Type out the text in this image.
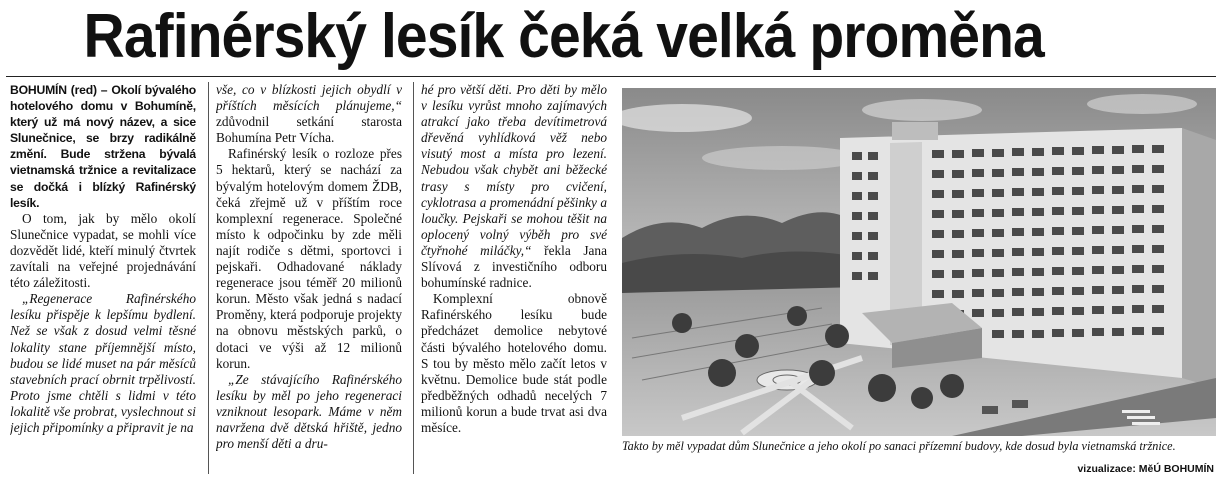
Rafinérský lesík čeká velká proměna
BOHUMÍN (red) – Okolí bývalého hotelového domu v Bohumíně, který už má nový název, a sice Slunečnice, se brzy radikálně změní. Bude stržena bývalá vietnamská tržnice a revitalizace se dočká i blízký Rafinérský lesík.

O tom, jak by mělo okolí Slunečnice vypadat, se mohli více dozvědět lidé, kteří minulý čtvrtek zavítali na veřejné projednávání této záležitosti.

„Regenerace Rafinérského lesíku přispěje k lepšímu bydlení. Než se však z dosud velmi těsné lokality stane příjemnější místo, budou se lidé muset na pár měsíců stavebních prací obrnit trpělivostí. Proto jsme chtěli s lidmi v této lokalitě vše probrat, vyslechnout si jejich připomínky a připravit je na

vše, co v blízkosti jejich obydlí v příštích měsících plánujeme,“ zdůvodnil setkání starosta Bohumína Petr Vícha.

Rafinérský lesík o rozloze přes 5 hektarů, který se nachází za bývalým hotelovým domem ŽDB, čeká zřejmě už v příštím roce komplexní regenerace. Společné místo k odpočinku by zde měli najít rodiče s dětmi, sportovci i pejskaři. Odhadované náklady regenerace jsou téměř 20 milionů korun. Město však jedná s nadací Proměny, která podporuje projekty na obnovu městských parků, o dotaci ve výši až 12 milionů korun.

„Ze stávajícího Rafinérského lesíku by měl po jeho regeneraci vzniknout lesopark. Máme v něm navržena dvě dětská hřiště, jedno pro menší děti a dru-

hé pro větší děti. Pro děti by mělo v lesíku vyrůst mnoho zajímavých atrakcí jako třeba devítimetrová dřevěná vyhlídková věž nebo visutý most a místa pro lezení. Nebudou však chybět ani běžecké trasy s místy pro cvičení, cyklotrasa a promenádní pěšinky a loučky. Pejskaři se mohou těšit na oplocený volný výběh pro své čtyřnohé miláčky,“ řekla Jana Slívová z investičního odboru bohumínské radnice.

Komplexní obnově Rafinérského lesíku bude předcházet demolice nebytové části bývalého hotelového domu. S tou by město mělo začít letos v květnu. Demolice bude stát podle předběžných odhadů necelých 7 milionů korun a bude trvat asi dva měsíce.

Takto by měl vypadat dům Slunečnice a jeho okolí po sanaci přízemní budovy, kde dosud byla vietnamská tržnice.
vizualizace: MěÚ BOHUMÍN
